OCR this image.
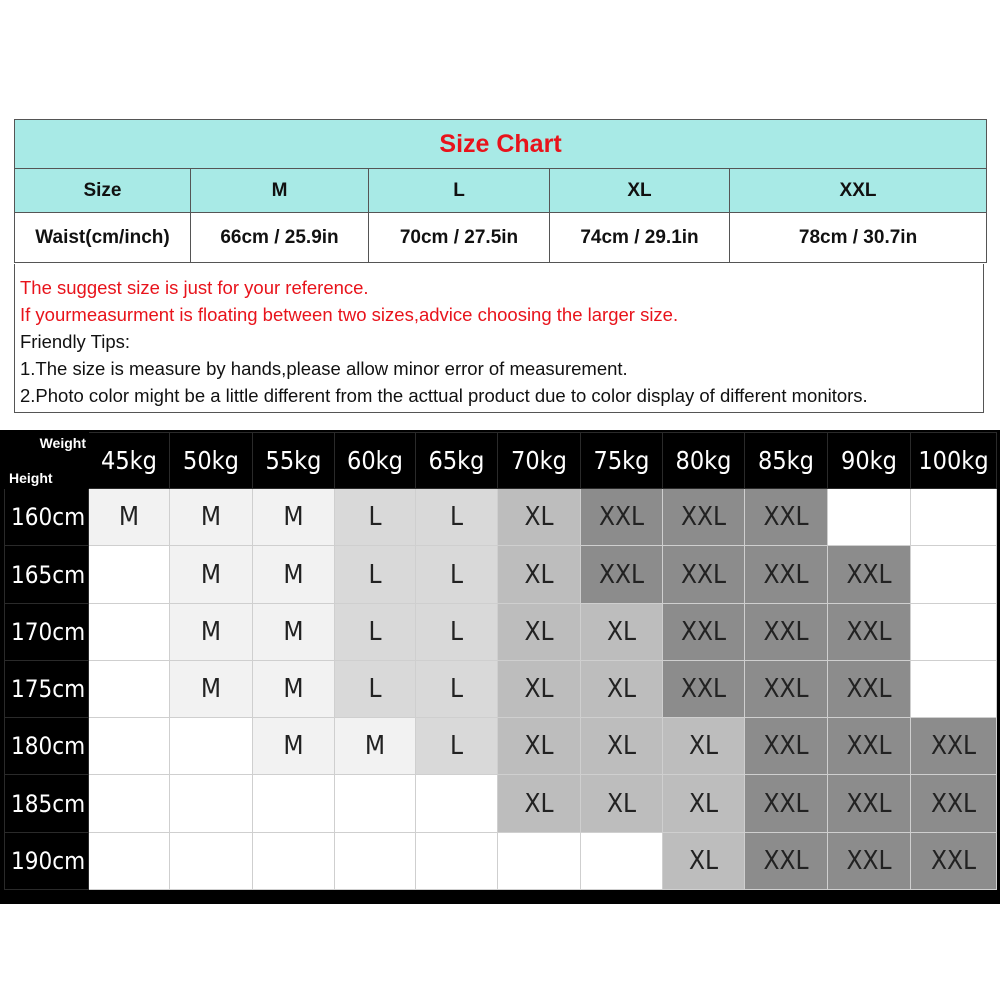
Size Chart				
Size	M	L	XL	XXL
Waist(cm/inch)	66cm / 25.9in	70cm / 27.5in	74cm / 29.1in	78cm / 30.7in
The suggest size is just for your reference.
If yourmeasurment is floating between two sizes,advice choosing the larger size.
Friendly Tips:
1.The size is measure by hands,please allow minor error of measurement.
2.Photo color might be a little different from the acttual product due to color display of different monitors.
Weight
Height	45kg	50kg	55kg	60kg	65kg	70kg	75kg	80kg	85kg	90kg	100kg
160cm	M	M	M	L	L	XL	XXL	XXL	XXL		
165cm		M	M	L	L	XL	XXL	XXL	XXL	XXL	
170cm		M	M	L	L	XL	XL	XXL	XXL	XXL	
175cm		M	M	L	L	XL	XL	XXL	XXL	XXL	
180cm			M	M	L	XL	XL	XL	XXL	XXL	XXL
185cm						XL	XL	XL	XXL	XXL	XXL
190cm								XL	XXL	XXL	XXL
